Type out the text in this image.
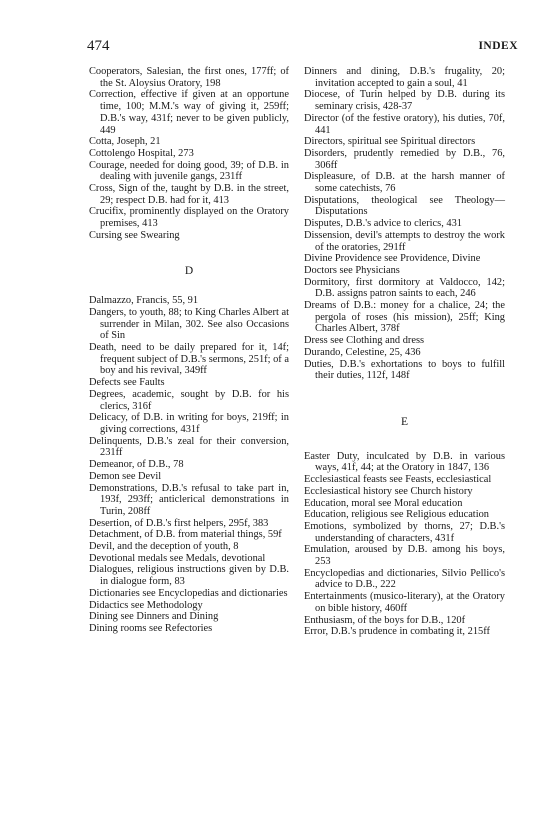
474	INDEX

Cooperators, Salesian, the first ones, 177ff; of the St. Aloysius Oratory, 198

Correction, effective if given at an opportune time, 100; M.M.'s way of giving it, 259ff; D.B.'s way, 431f; never to be given publicly, 449

Cotta, Joseph, 21

Cottolengo Hospital, 273

Courage, needed for doing good, 39; of D.B. in dealing with juvenile gangs, 231ff

Cross, Sign of the, taught by D.B. in the street, 29; respect D.B. had for it, 413

Crucifix, prominently displayed on the Oratory premises, 413

Cursing see Swearing

D

Dalmazzo, Francis, 55, 91

Dangers, to youth, 88; to King Charles Albert at surrender in Milan, 302. See also Occasions of Sin

Death, need to be daily prepared for it, 14f; frequent subject of D.B.'s sermons, 251f; of a boy and his revival, 349ff

Defects see Faults

Degrees, academic, sought by D.B. for his clerics, 316f

Delicacy, of D.B. in writing for boys, 219ff; in giving corrections, 431f

Delinquents, D.B.'s zeal for their conversion, 231ff

Demeanor, of D.B., 78

Demon see Devil

Demonstrations, D.B.'s refusal to take part in, 193f, 293ff; anticlerical demonstrations in Turin, 208ff

Desertion, of D.B.'s first helpers, 295f, 383

Detachment, of D.B. from material things, 59f

Devil, and the deception of youth, 8

Devotional medals see Medals, devotional

Dialogues, religious instructions given by D.B. in dialogue form, 83

Dictionaries see Encyclopedias and dictionaries

Didactics see Methodology

Dining see Dinners and Dining

Dining rooms see Refectories

Dinners and dining, D.B.'s frugality, 20; invitation accepted to gain a soul, 41

Diocese, of Turin helped by D.B. during its seminary crisis, 428-37

Director (of the festive oratory), his duties, 70f, 441

Directors, spiritual see Spiritual directors

Disorders, prudently remedied by D.B., 76, 306ff

Displeasure, of D.B. at the harsh manner of some catechists, 76

Disputations, theological see Theology—Disputations

Disputes, D.B.'s advice to clerics, 431

Dissension, devil's attempts to destroy the work of the oratories, 291ff

Divine Providence see Providence, Divine

Doctors see Physicians

Dormitory, first dormitory at Valdocco, 142; D.B. assigns patron saints to each, 246

Dreams of D.B.: money for a chalice, 24; the pergola of roses (his mission), 25ff; King Charles Albert, 378f

Dress see Clothing and dress

Durando, Celestine, 25, 436

Duties, D.B.'s exhortations to boys to fulfill their duties, 112f, 148f

E

Easter Duty, inculcated by D.B. in various ways, 41f, 44; at the Oratory in 1847, 136

Ecclesiastical feasts see Feasts, ecclesiastical

Ecclesiastical history see Church history

Education, moral see Moral education

Education, religious see Religious education

Emotions, symbolized by thorns, 27; D.B.'s understanding of characters, 431f

Emulation, aroused by D.B. among his boys, 253

Encyclopedias and dictionaries, Silvio Pellico's advice to D.B., 222

Entertainments (musico-literary), at the Oratory on bible history, 460ff

Enthusiasm, of the boys for D.B., 120f

Error, D.B.'s prudence in combating it, 215ff
